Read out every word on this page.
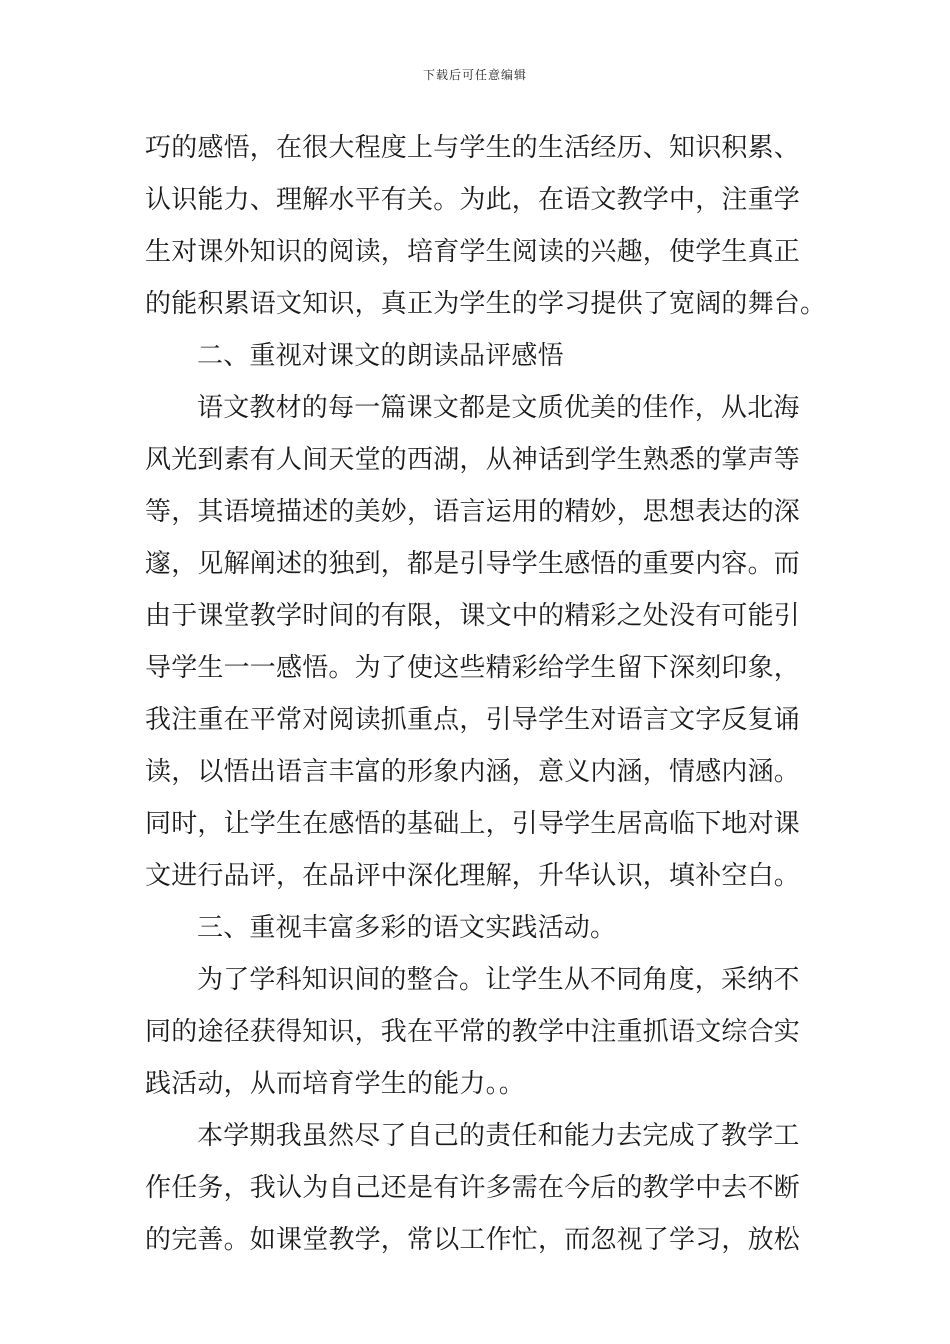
下载后可任意编辑
巧的感悟，在很大程度上与学生的生活经历、知识积累、
认识能力、理解水平有关。为此，在语文教学中，注重学
生对课外知识的阅读，培育学生阅读的兴趣，使学生真正
的能积累语文知识，真正为学生的学习提供了宽阔的舞台。
二、重视对课文的朗读品评感悟
语文教材的每一篇课文都是文质优美的佳作，从北海
风光到素有人间天堂的西湖，从神话到学生熟悉的掌声等
等，其语境描述的美妙，语言运用的精妙，思想表达的深
邃，见解阐述的独到，都是引导学生感悟的重要内容。而
由于课堂教学时间的有限，课文中的精彩之处没有可能引
导学生一一感悟。为了使这些精彩给学生留下深刻印象，
我注重在平常对阅读抓重点，引导学生对语言文字反复诵
读，以悟出语言丰富的形象内涵，意义内涵，情感内涵。
同时，让学生在感悟的基础上，引导学生居高临下地对课
文进行品评，在品评中深化理解，升华认识，填补空白。
三、重视丰富多彩的语文实践活动。
为了学科知识间的整合。让学生从不同角度，采纳不
同的途径获得知识，我在平常的教学中注重抓语文综合实
践活动，从而培育学生的能力。。
本学期我虽然尽了自己的责任和能力去完成了教学工
作任务，我认为自己还是有许多需在今后的教学中去不断
的完善。如课堂教学，常以工作忙，而忽视了学习，放松
